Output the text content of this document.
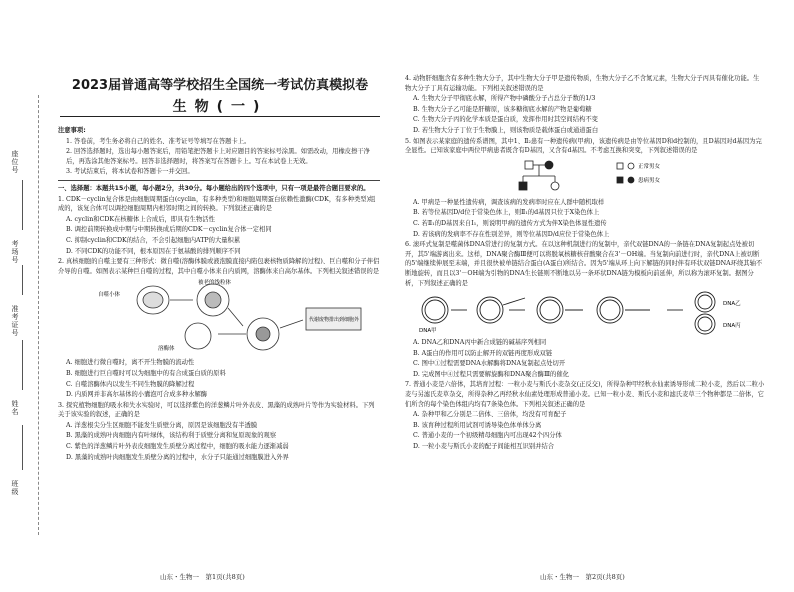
座位号
考场号
准考证号
姓名
班级
2023届普通高等学校招生全国统一考试仿真模拟卷
生物(一)

注意事项:

1. 答卷前，考生务必将自己的姓名、准考证号等填写在答题卡上。

2. 回答选择题时，选出每小题答案后，用铅笔把答题卡上对应题目的答案标号涂黑。如需改动，用橡皮擦干净后，再选涂其他答案标号。回答非选择题时，将答案写在答题卡上。写在本试卷上无效。

3. 考试结束后，将本试卷和答题卡一并交回。

一、选择题：本题共15小题，每小题2分，共30分。每小题给出的四个选项中，只有一项是最符合题目要求的。

1. CDK－cyclin复合体是由细胞周期蛋白(cyclin，有多种类型)和细胞周期蛋白依赖性激酶(CDK，有多种类型)组成的，该复合体可以调控细胞周期内相邻时期之间的转换。下列叙述正确的是

A. cyclin和CDK在核糖体上合成后，即具有生物活性

B. 调控前期转换成中期与中期转换成后期的CDK－cyclin复合体一定相同

C. 抑制cyclin和CDK的结合，不会引起细胞内ATP的大量积累

D. 不同CDK的功能不同，根本原因在于氨基酸的排列顺序不同

2. 真核细胞的自噬主要有三种形式：微自噬(溶酶体膜或液泡膜直接内陷包裹核物质降解的过程)、巨自噬和分子伴侣介导的自噬。如图表示某种巨自噬的过程，其中自噬小体来自内质网，溶酶体来自高尔基体。下列相关叙述错误的是

自噬小体
被老的线粒体
溶酶体
代谢废物排出到细胞外

A. 细胞进行微自噬时，离不开生物膜的流动性

B. 细胞进行巨自噬时可以为细胞中的有合成蛋白质的原料

C. 自噬溶酶体内以发生不同生物膜的降解过程

D. 内质网并非高尔基体的小囊泡可合成多种水解酶

3. 探究植物细胞的吸水和失水实验时，可以选择紫色的洋葱鳞片叶外表皮、黑藻的成熟叶片等作为实验材料。下列关于该实验的叙述，正确的是

A. 洋葱根尖分生区细胞不能发生质壁分离，原因是该细胞没有半透膜

B. 黑藻的成熟叶肉细胞内有叶绿体，该结构利于质壁分离和复原现象的观察

C. 紫色的洋葱鳞片叶外表皮细胞发生质壁分离过程中，细胞的吸水能力逐渐减弱

D. 黑藻的成熟叶肉细胞发生质壁分离的过程中，水分子只能通过细胞膜进入外界

4. 动物肝细胞含有多种生物大分子，其中生物大分子甲是遗传物质，生物大分子乙不含氮元素，生物大分子丙具有催化功能。生物大分子丁具有运输功能。下列相关叙述错误的是

A. 生物大分子甲彻底水解，所得产物中磷酸分子占总分子数的1/3

B. 生物大分子乙可能是肝糖原，该多糖彻底水解的产物是葡萄糖

C. 生物大分子丙的化学本质是蛋白质，发挥作用时其空间结构不变

D. 若生物大分子丁位于生物膜上，则该物质是载体蛋白或通道蛋白

5. 如图表示某家庭的遗传系谱图，其中1、Ⅱ₂患有一种遗传病(甲病)，该遗传病是由等位基因D和d控制的，且D基因对d基因为完全显性。已知该家庭中两位甲病患者既含有D基因，又含有d基因。不考虑互换和突变，下列叙述错误的是

正常男女
患病男女

A. 甲病是一种显性遗传病，调查该病的发病率时应在人群中随机取样

B. 若等位基因D/d位于常染色体上，则Ⅱ₁的d基因只位于X染色体上

C. 若Ⅱ₁的D基因来自Ⅰ₁，则说明甲病的遗传方式为伴X染色体显性遗传

D. 若该病的发病率不存在性别差异，则等位基因D/d应位于常染色体上

6. 滚环式复制是噬菌体DNA常进行的复制方式。在以这种机制进行的复制中，亲代双链DNA的一条链在DNA复制起点处被切开，其5'端游离出来。这样，DNA聚合酶Ⅲ便可以将脱氧核糖核苷酸聚合在3'－OH端。当复制向前进行时，亲代DNA上被切断的5'端继续伸展至末端，并且很快被单链结合蛋白(A蛋白)所结合。因为5'端从环上向下解链的同时伴有环状双链DNA环绕其轴不断地旋转，而且以3'－OH端为引物的DNA生长链则不断地以另一条环状DNA链为模板向前延伸，所以称为滚环复制。据图分析，下列叙述正确的是

DNA甲
DNA乙
DNA丙

A. DNA乙和DNA丙中新合成链的碱基序列相同

B. A蛋白的作用可以防止解开的双链再度形成双链

C. 图中①过程需要DNA水解酶将DNA复制起点处切开

D. 完成图中④过程只需要解旋酶和DNA聚合酶Ⅲ的催化

7. 普通小麦是六倍体，其培育过程：一粒小麦与斯氏小麦杂交(正反交)，所得杂种甲经秋水仙素诱导形成二粒小麦，然后以二粒小麦与另滤氏麦草杂交，所得杂种乙再经秋水仙素处理形成普通小麦。已知一粒小麦、斯氏小麦和滤氏麦草三个物种都是二倍体，它们所含的每个染色体组内均有7条染色体。下列相关叙述正确的是

A. 杂种甲和乙分别是二倍体、三倍体，均没有可育配子

B. 该育种过程所用试剂可诱导染色体单体分离

C. 普通小麦的一个初级精母细胞内可出现42个四分体

D. 一粒小麦与斯氏小麦的配子间能相互识别并结合

山东・生物一　第1页(共8页)	山东・生物一　第2页(共8页)
